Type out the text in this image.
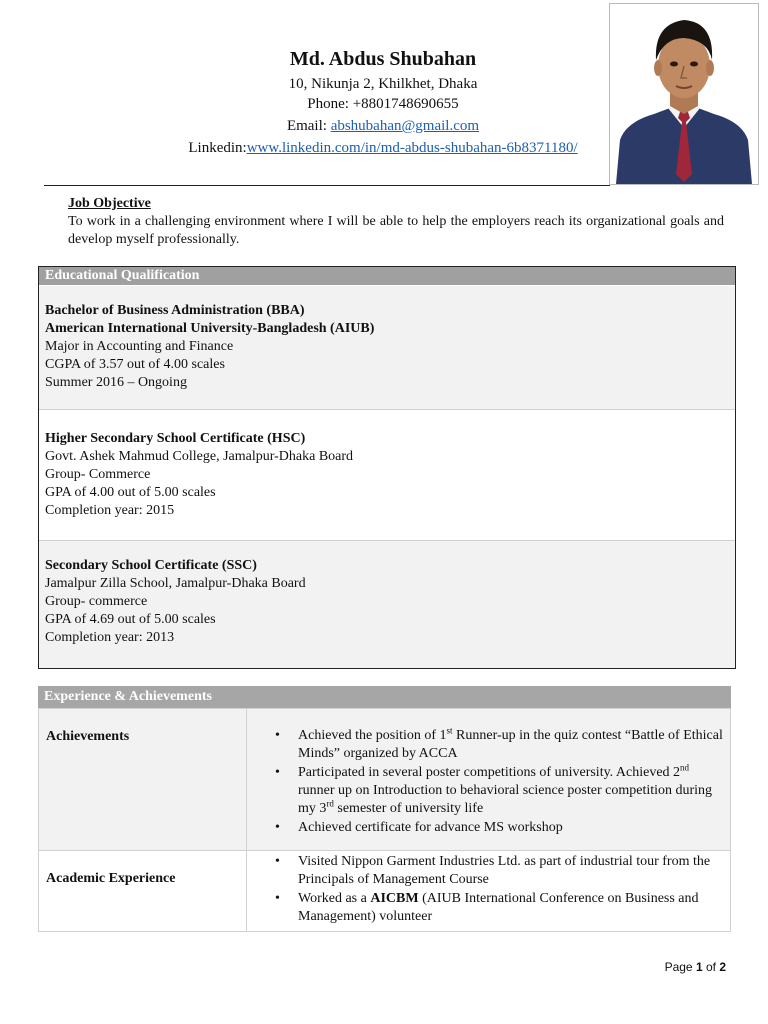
Md. Abdus Shubahan
10, Nikunja 2, Khilkhet, Dhaka
Phone: +8801748690655
Email: abshubahan@gmail.com
Linkedin:www.linkedin.com/in/md-abdus-shubahan-6b8371180/
Job Objective
To work in a challenging environment where I will be able to help the employers reach its organizational goals and develop myself professionally.
Educational Qualification
Bachelor of Business Administration (BBA)
American International University-Bangladesh (AIUB)
Major in Accounting and Finance
CGPA of 3.57 out of 4.00 scales
Summer 2016 – Ongoing
Higher Secondary School Certificate (HSC)
Govt. Ashek Mahmud College, Jamalpur-Dhaka Board
Group- Commerce
GPA of 4.00 out of 5.00 scales
Completion year: 2015
Secondary School Certificate (SSC)
Jamalpur Zilla School, Jamalpur-Dhaka Board
Group- commerce
GPA of 4.69 out of 5.00 scales
Completion year: 2013
Experience & Achievements
Achievements
•	Achieved the position of 1st Runner-up in the quiz contest “Battle of Ethical Minds” organized by ACCA
• Participated in several poster competitions of university. Achieved 2nd runner up on Introduction to behavioral science poster competition during my 3rd semester of university life
• Achieved certificate for advance MS workshop
Academic Experience
• Visited Nippon Garment Industries Ltd. as part of industrial tour from the Principals of Management Course
• Worked as a AICBM (AIUB International Conference on Business and Management) volunteer
Page 1 of 2
